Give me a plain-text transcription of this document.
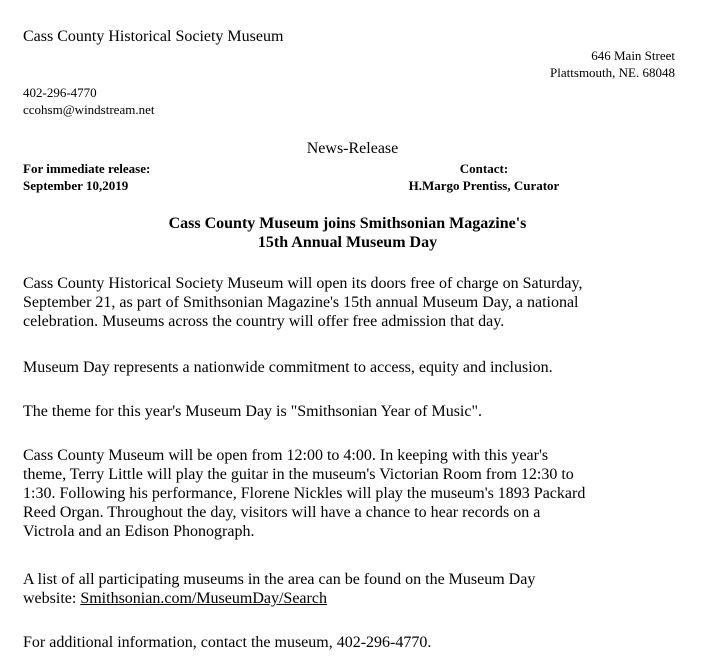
Cass County Historical Society Museum
646 Main Street
Plattsmouth, NE. 68048
402-296-4770
ccohsm@windstream.net
News-Release
For immediate release:
September 10,2019
Contact:
H.Margo Prentiss, Curator
Cass County Museum joins Smithsonian Magazine's
15th Annual Museum Day
Cass County Historical Society Museum will open its doors free of charge on Saturday,
September 21, as part of Smithsonian Magazine's 15th annual Museum Day, a national
celebration. Museums across the country will offer free admission that day.
Museum Day represents a nationwide commitment to access, equity and inclusion.
The theme for this year's Museum Day is "Smithsonian Year of Music".
Cass County Museum will be open from 12:00 to 4:00. In keeping with this year's
theme, Terry Little will play the guitar in the museum's Victorian Room from 12:30 to
1:30. Following his performance, Florene Nickles will play the museum's 1893 Packard
Reed Organ. Throughout the day, visitors will have a chance to hear records on a
Victrola and an Edison Phonograph.
A list of all participating museums in the area can be found on the Museum Day
website: Smithsonian.com/MuseumDay/Search
For additional information, contact the museum, 402-296-4770.
